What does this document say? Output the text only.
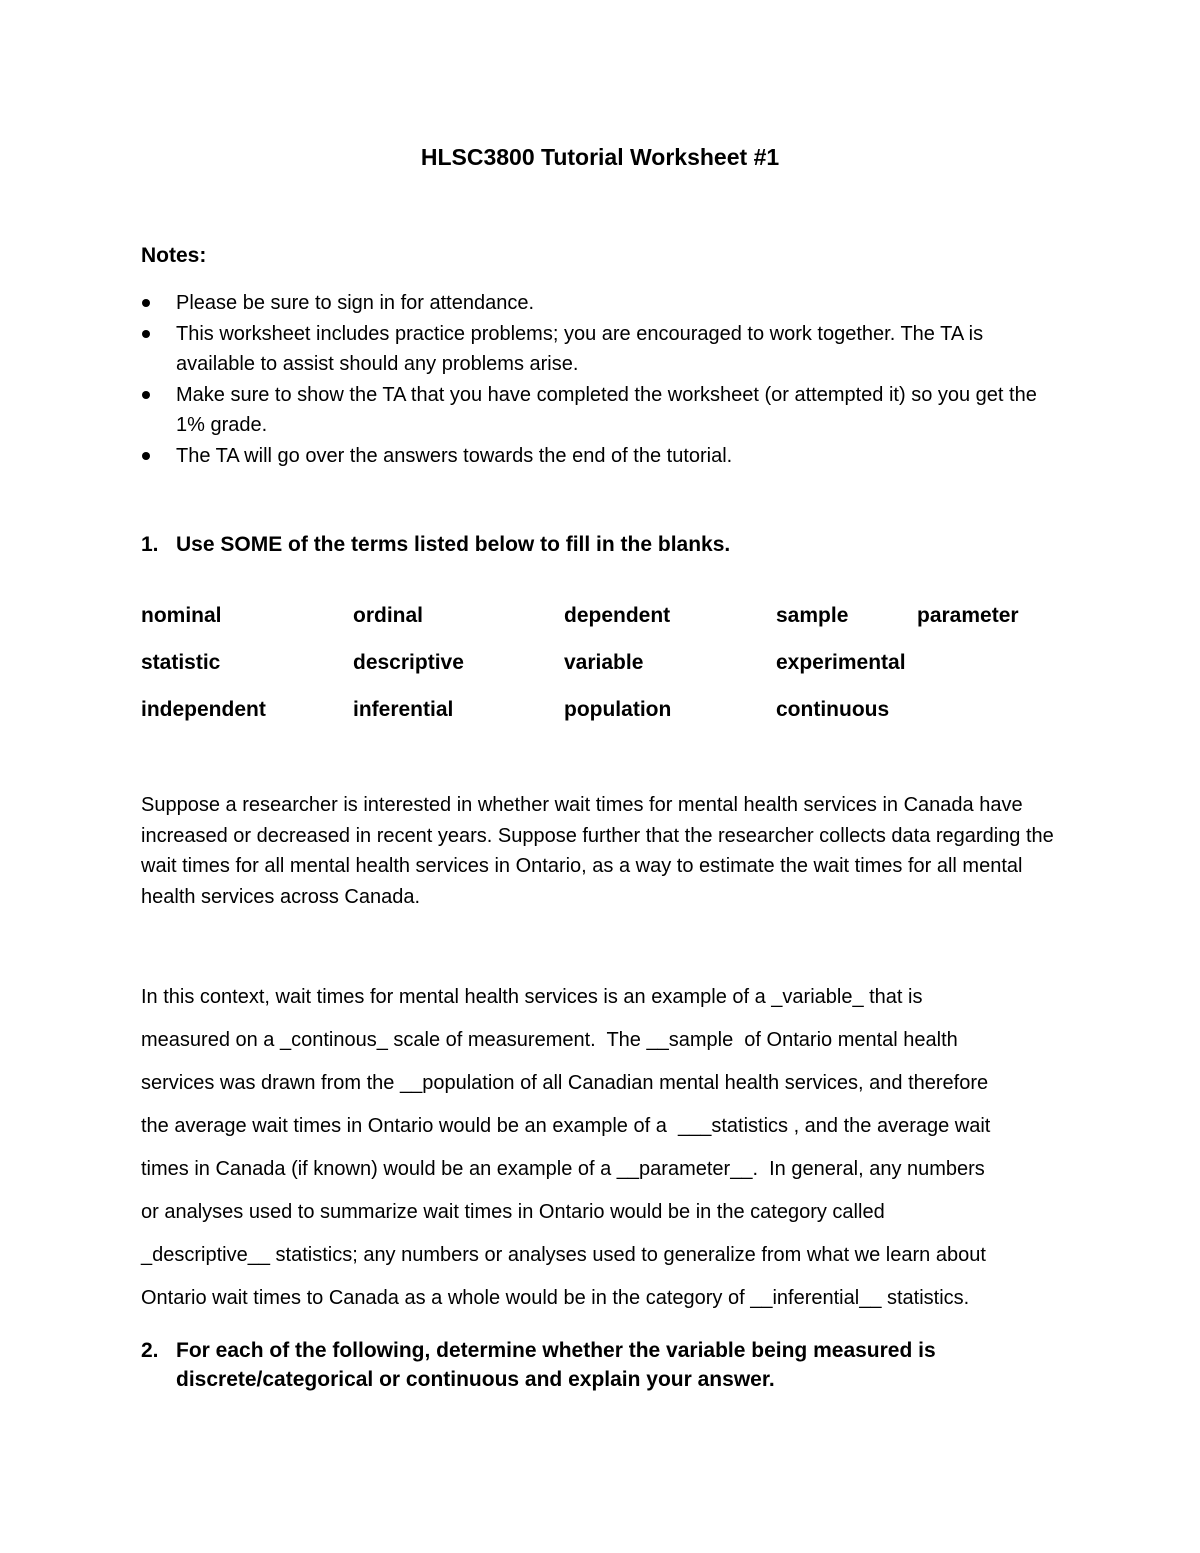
HLSC3800 Tutorial Worksheet #1
Notes:
Please be sure to sign in for attendance.
This worksheet includes practice problems; you are encouraged to work together. The TA is available to assist should any problems arise.
Make sure to show the TA that you have completed the worksheet (or attempted it) so you get the 1% grade.
The TA will go over the answers towards the end of the tutorial.
1. Use SOME of the terms listed below to fill in the blanks.
nominal	ordinal	dependent	sample	parameter
statistic	descriptive	variable	experimental
independent	inferential	population	continuous

Suppose a researcher is interested in whether wait times for mental health services in Canada have increased or decreased in recent years. Suppose further that the researcher collects data regarding the wait times for all mental health services in Ontario, as a way to estimate the wait times for all mental health services across Canada.

In this context, wait times for mental health services is an example of a _variable_ that is

measured on a _continous_ scale of measurement.  The __sample  of Ontario mental health

services was drawn from the __population of all Canadian mental health services, and therefore

the average wait times in Ontario would be an example of a  ___statistics , and the average wait

times in Canada (if known) would be an example of a __parameter__.  In general, any numbers

or analyses used to summarize wait times in Ontario would be in the category called

_descriptive__ statistics; any numbers or analyses used to generalize from what we learn about

Ontario wait times to Canada as a whole would be in the category of __inferential__ statistics.

2. For each of the following, determine whether the variable being measured is discrete/categorical or continuous and explain your answer.
